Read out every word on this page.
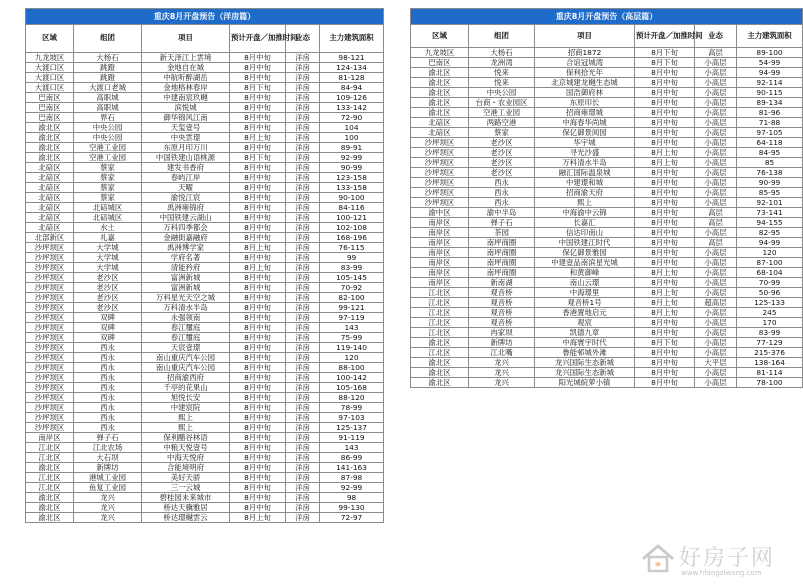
重庆8月开盘预告（洋房篇）					
区域	组团	项目	预计开盘／加推时间	业态	主力建筑面积
九龙坡区	大杨石	新天泽江上雲境	8月中旬	洋房	98-121
大渡口区	跳蹬	金地自在城	8月中旬	洋房	124-134
大渡口区	跳蹬	中航听醉湖岳	8月中旬	洋房	81-128
大渡口区	大渡口老城	金地格林春岸	8月下旬	洋房	84-94
巴南区	高职城	中建南宸玖樾	8月中旬	洋房	109-126
巴南区	高职城	滨悦城	8月中旬	洋房	133-142
巴南区	界石	御华锦风江南	8月中旬	洋房	72-90
渝北区	中央公园	天玺壹号	8月中旬	洋房	104
渝北区	中央公园	中央雲璟	8月上旬	洋房	100
渝北区	空港工业园	东原月印万川	8月中旬	洋房	89-91
渝北区	空港工业园	中国铁建山语桃源	8月下旬	洋房	92-99
北碚区	蔡家	建发书香府	8月中旬	洋房	90-99
北碚区	蔡家	春屿江岸	8月中旬	洋房	123-158
北碚区	蔡家	天曜	8月中旬	洋房	133-158
北碚区	蔡家	渝悦江宸	8月中旬	洋房	90-100
北碚区	北碚城区	禹洲雍锦府	8月中旬	洋房	84-116
北碚区	北碚城区	中国铁建云湖山	8月中旬	洋房	100-121
北碚区	水土	万科四季都会	8月中旬	洋房	102-108
北部新区	礼嘉	金融街嘉融府	8月中旬	洋房	168-196
沙坪坝区	大学城	禹洲博学家	8月上旬	洋房	76-115
沙坪坝区	大学城	学府名著	8月中旬	洋房	99
沙坪坝区	大学城	清能矜府	8月上旬	洋房	83-99
沙坪坝区	老沙区	富洲新城	8月中旬	洋房	105-145
沙坪坝区	老沙区	富洲新城	8月中旬	洋房	70-92
沙坪坝区	老沙区	万科星光天空之城	8月中旬	洋房	82-100
沙坪坝区	老沙区	万科清水半岛	8月中旬	洋房	99-121
沙坪坝区	双碑	永强领南	8月中旬	洋房	97-119
沙坪坝区	双碑	春江璽庭	8月中旬	洋房	143
沙坪坝区	双碑	春江璽庭	8月中旬	洋房	75-99
沙坪坝区	西永	天宸壹璟	8月中旬	洋房	119-140
沙坪坝区	西永	南山重庆汽车公园	8月中旬	洋房	120
沙坪坝区	西永	南山重庆汽车公园	8月中旬	洋房	88-100
沙坪坝区	西永	招商渝西府	8月中旬	洋房	100-142
沙坪坝区	西永	千亭的花果山	8月中旬	洋房	105-168
沙坪坝区	西永	旭悦长安	8月中旬	洋房	88-120
沙坪坝区	西永	中建宸院	8月中旬	洋房	78-99
沙坪坝区	西永	熙上	8月中旬	洋房	97-103
沙坪坝区	西永	熙上	8月中旬	洋房	125-137
南岸区	弹子石	保利醋谷林语	8月中旬	洋房	91-119
江北区	江北农场	中粮天悦壹号	8月中旬	洋房	143
江北区	大石坝	中海天悦府	8月中旬	洋房	86-99
渝北区	新牌坊	合能境明府	8月中旬	洋房	141-163
江北区	港城工业园	美好天骄	8月中旬	洋房	87-98
江北区	鱼复工业园	三一云城	8月中旬	洋房	92-99
渝北区	龙兴	碧桂园未来城市	8月中旬	洋房	98
渝北区	龙兴	桥达天骥雅居	8月中旬	洋房	99-130
渝北区	龙兴	桥达璟樾雲云	8月上旬	洋房	72-97
重庆8月开盘预告（高层篇）					
区域	组团	项目	预计开盘／加推时间	业态	主力建筑面积
九龙坡区	大杨石	招商1872	8月下旬	高层	89-100
巴南区	龙洲湾	合谊冠城湾	8月下旬	小高层	54-99
渝北区	悦来	保利拾光年	8月中旬	小高层	94-99
渝北区	悦来	北京城建龙樾生态城	8月中旬	小高层	92-114
渝北区	中央公园	国浩御府林	8月中旬	小高层	90-115
渝北区	台商・农业园区	东原印长	8月中旬	小高层	89-134
渝北区	空港工业园	招商雍璟城	8月中旬	小高层	81-96
北碚区	两路空港	中海春华尚城	8月中旬	小高层	71-88
北碚区	蔡家	保亿御景阅园	8月中旬	小高层	97-105
沙坪坝区	老沙区	华宇城	8月中旬	小高层	64-118
沙坪坝区	老沙区	寻光沙盛	8月上旬	小高层	84-95
沙坪坝区	老沙区	万科清水半岛	8月上旬	小高层	85
沙坪坝区	老沙区	融汇国际温泉城	8月中旬	小高层	76-138
沙坪坝区	西永	中建璟和城	8月中旬	小高层	90-99
沙坪坝区	西永	招商渝天府	8月中旬	小高层	85-95
沙坪坝区	西永	熙上	8月中旬	小高层	92-101
渝中区	渝中半岛	中海渝中云锦	8月中旬	高层	73-141
南岸区	弹子石	长嘉汇	8月中旬	高层	94-155
南岸区	茶园	信达印南山	8月中旬	小高层	82-95
南岸区	南坪商圈	中国铁建江时代	8月中旬	高层	94-99
南岸区	南坪商圈	保亿御景雅园	8月中旬	小高层	120
南岸区	南坪商圈	中建壹品南滨星光城	8月中旬	小高层	87-100
南岸区	南坪商圈	和黄御峰	8月上旬	小高层	68-104
南岸区	新南湖	南山云璟	8月中旬	小高层	70-99
江北区	观音桥	中海璟里	8月上旬	小高层	50-96
江北区	观音桥	观音桥1号	8月上旬	超高层	125-133
江北区	观音桥	香港置地启元	8月上旬	小高层	245
江北区	观音桥	观宸	8月中旬	小高层	170
江北区	冉家坝	凯德九章	8月中旬	小高层	83-99
渝北区	新牌坊	中海寰宇时代	8月下旬	小高层	77-129
江北区	江北嘴	鲁能邨城外滩	8月中旬	小高层	215-376
渝北区	龙兴	龙兴国际生态新城	8月中旬	大平层	138-164
渝北区	龙兴	龙兴国际生态新城	8月中旬	小高层	81-114
渝北区	龙兴	阳光城皖萝小镇	8月中旬	小高层	78-100
好房子网
www.hfangziwang.com
